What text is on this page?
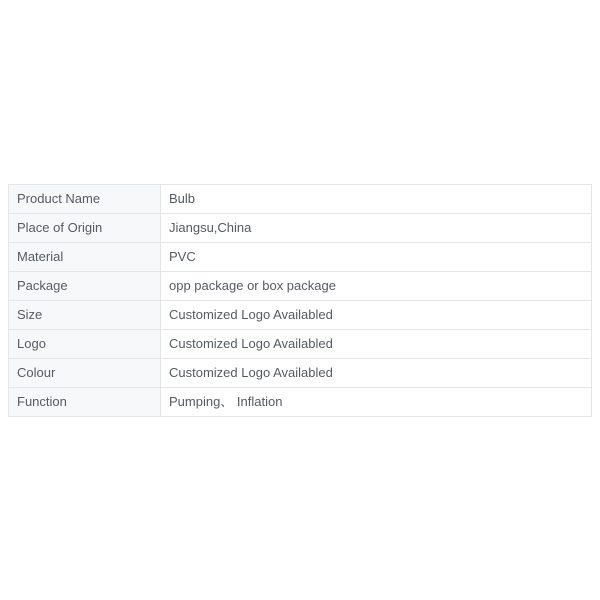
Product Name	Bulb
Place of Origin	Jiangsu,China
Material	PVC
Package	opp package or box package
Size	Customized Logo Availabled
Logo	Customized Logo Availabled
Colour	Customized Logo Availabled
Function	Pumping、 Inflation
